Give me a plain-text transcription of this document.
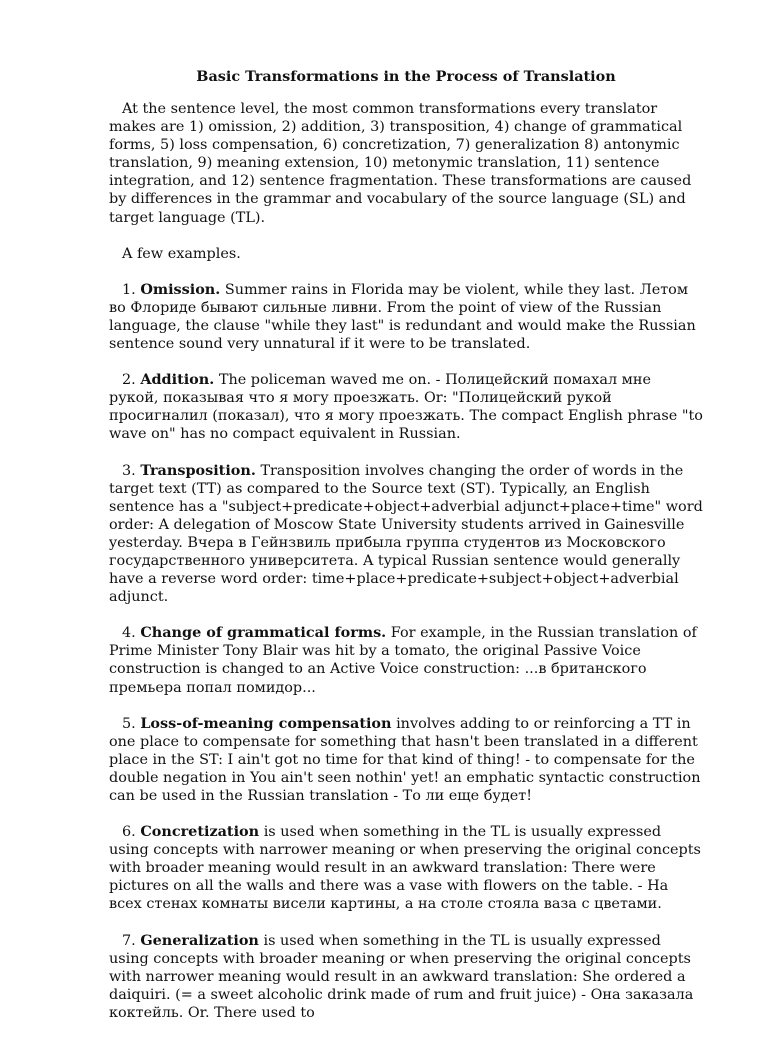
Basic Transformations in the Process of Translation

At the sentence level, the most common transformations every translator makes are 1) omission, 2) addition, 3) transposition, 4) change of grammatical forms, 5) loss compensation, 6) concretization, 7) generalization 8) antonymic translation, 9) meaning extension, 10) metonymic translation, 11) sentence integration, and 12) sentence fragmentation. These transformations are caused by differences in the grammar and vocabulary of the source language (SL) and target language (TL).

A few examples.

1. Omission. Summer rains in Florida may be violent, while they last. Летом во Флориде бывают сильные ливни. From the point of view of the Russian language, the clause "while they last" is redundant and would make the Russian sentence sound very unnatural if it were to be translated.

2. Addition. The policeman waved me on. - Полицейский помахал мне рукой, показывая что я могу проезжать. Or: "Полицейский рукой просигналил (показал), что я могу проезжать. The compact English phrase "to wave on" has no compact equivalent in Russian.

3. Transposition. Transposition involves changing the order of words in the target text (TT) as compared to the Source text (ST). Typically, an English sentence has a "subject+predicate+object+adverbial adjunct+place+time" word order: A delegation of Moscow State University students arrived in Gainesville yesterday. Вчера в Гейнзвиль прибыла группа студентов из Московского государственного университета. A typical Russian sentence would generally have a reverse word order: time+place+predicate+subject+object+adverbial adjunct.

4. Change of grammatical forms. For example, in the Russian translation of Prime Minister Tony Blair was hit by a tomato, the original Passive Voice construction is changed to an Active Voice construction: ...в британского премьера попал помидор...

5. Loss-of-meaning compensation involves adding to or reinforcing a TT in one place to compensate for something that hasn't been translated in a different place in the ST: I ain't got no time for that kind of thing! - to compensate for the double negation in You ain't seen nothin' yet! an emphatic syntactic construction can be used in the Russian translation - То ли еще будет!

6. Concretization is used when something in the TL is usually expressed using concepts with narrower meaning or when preserving the original concepts with broader meaning would result in an awkward translation: There were pictures on all the walls and there was a vase with flowers on the table. - На всех стенах комнаты висели картины, а на столе стояла ваза с цветами.

7. Generalization is used when something in the TL is usually expressed using concepts with broader meaning or when preserving the original concepts with narrower meaning would result in an awkward translation: She ordered a daiquiri. (= a sweet alcoholic drink made of rum and fruit juice) - Она заказала коктейль. Or. There used to
